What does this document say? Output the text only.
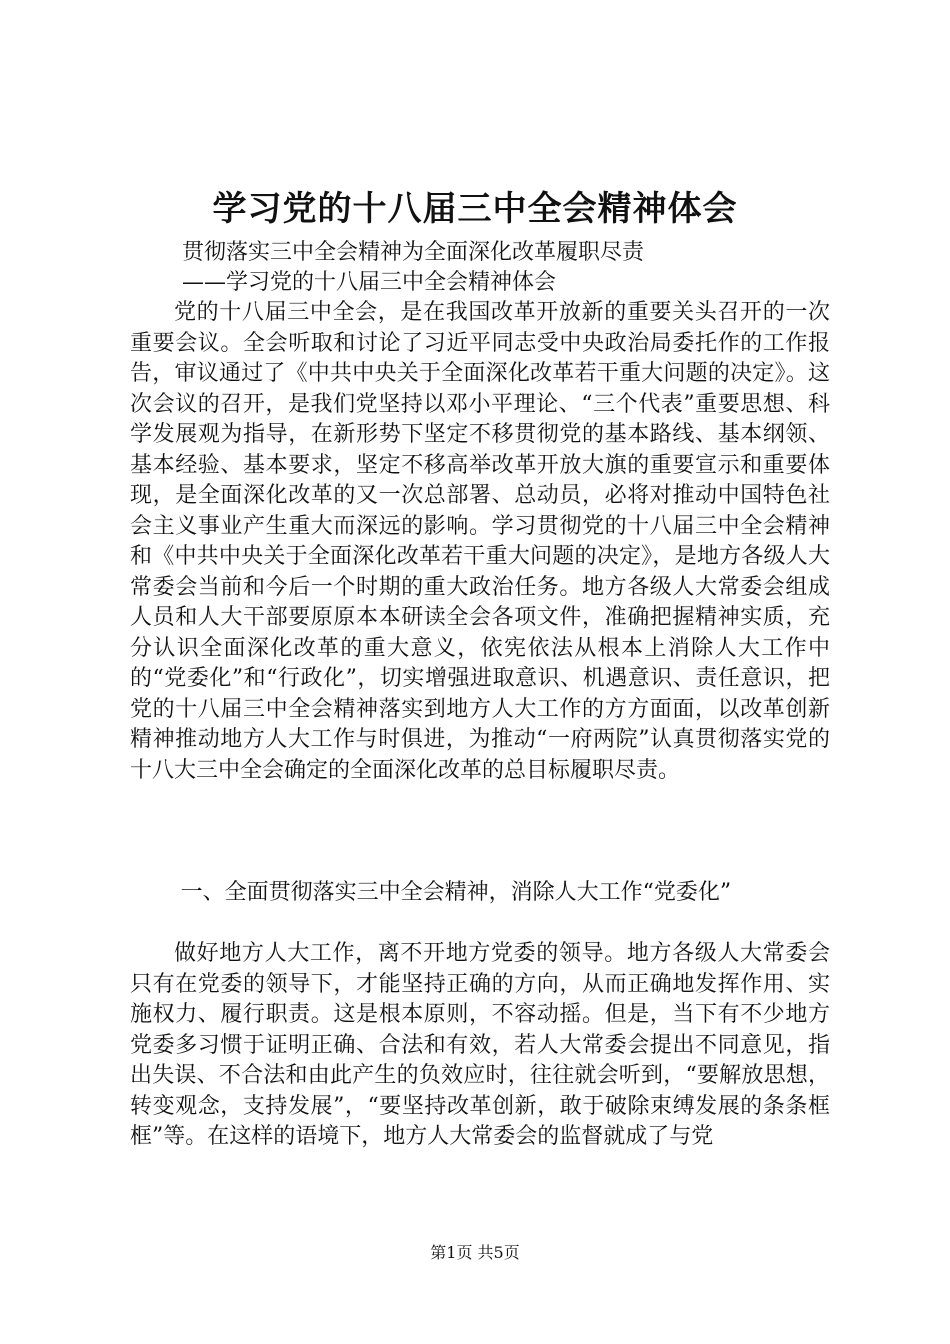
学习党的十八届三中全会精神体会
贯彻落实三中全会精神为全面深化改革履职尽责
——学习党的十八届三中全会精神体会

党的十八届三中全会，是在我国改革开放新的重要关头召开的一次重要会议。全会听取和讨论了习近平同志受中央政治局委托作的工作报告，审议通过了《中共中央关于全面深化改革若干重大问题的决定》。这次会议的召开，是我们党坚持以邓小平理论、“三个代表”重要思想、科学发展观为指导，在新形势下坚定不移贯彻党的基本路线、基本纲领、基本经验、基本要求，坚定不移高举改革开放大旗的重要宣示和重要体现，是全面深化改革的又一次总部署、总动员，必将对推动中国特色社会主义事业产生重大而深远的影响。学习贯彻党的十八届三中全会精神和《中共中央关于全面深化改革若干重大问题的决定》，是地方各级人大常委会当前和今后一个时期的重大政治任务。地方各级人大常委会组成人员和人大干部要原原本本研读全会各项文件，准确把握精神实质，充分认识全面深化改革的重大意义，依宪依法从根本上消除人大工作中的“党委化”和“行政化”，切实增强进取意识、机遇意识、责任意识，把党的十八届三中全会精神落实到地方人大工作的方方面面，以改革创新精神推动地方人大工作与时俱进，为推动“一府两院”认真贯彻落实党的十八大三中全会确定的全面深化改革的总目标履职尽责。

一、全面贯彻落实三中全会精神，消除人大工作“党委化”

做好地方人大工作，离不开地方党委的领导。地方各级人大常委会只有在党委的领导下，才能坚持正确的方向，从而正确地发挥作用、实施权力、履行职责。这是根本原则，不容动摇。但是，当下有不少地方党委多习惯于证明正确、合法和有效，若人大常委会提出不同意见，指出失误、不合法和由此产生的负效应时，往往就会听到，“要解放思想，转变观念，支持发展”，“要坚持改革创新，敢于破除束缚发展的条条框框”等。在这样的语境下，地方人大常委会的监督就成了与党

第1页 共5页
